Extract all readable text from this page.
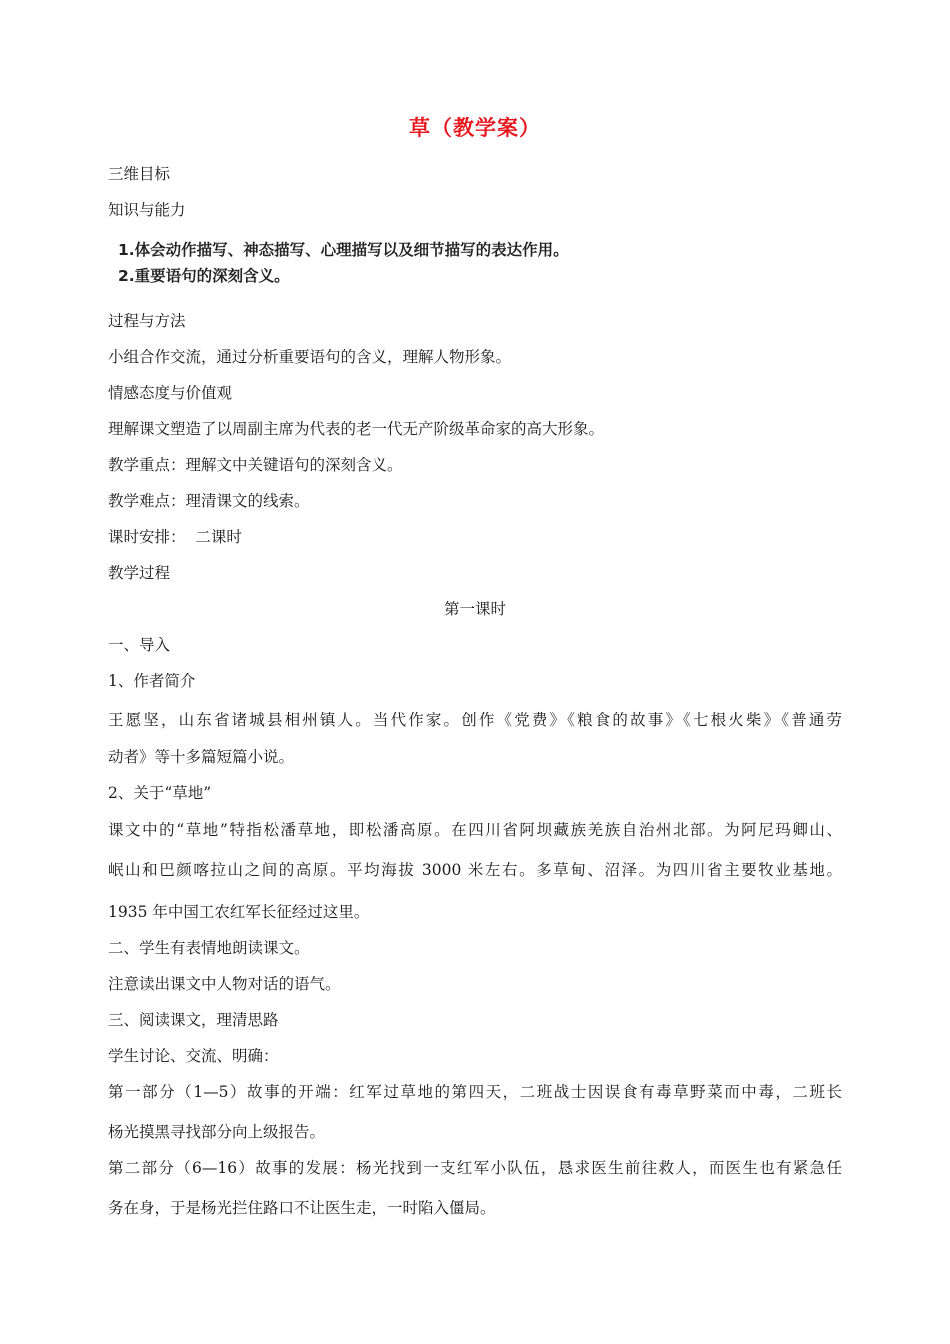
草（教学案）
三维目标
知识与能力
1.体会动作描写、神态描写、心理描写以及细节描写的表达作用。
2.重要语句的深刻含义。
过程与方法
小组合作交流，通过分析重要语句的含义，理解人物形象。
情感态度与价值观
理解课文塑造了以周副主席为代表的老一代无产阶级革命家的高大形象。
教学重点：理解文中关键语句的深刻含义。
教学难点：理清课文的线索。
课时安排：  二课时
教学过程
第一课时
一、导入
1、作者简介
王愿坚，山东省诸城县相州镇人。当代作家。创作《党费》《粮食的故事》《七根火柴》《普通劳
动者》等十多篇短篇小说。
2、关于“草地”
课文中的“草地”特指松潘草地，即松潘高原。在四川省阿坝藏族羌族自治州北部。为阿尼玛卿山、
岷山和巴颜喀拉山之间的高原。平均海拔 3000 米左右。多草甸、沼泽。为四川省主要牧业基地。
1935 年中国工农红军长征经过这里。
二、学生有表情地朗读课文。
注意读出课文中人物对话的语气。
三、阅读课文，理清思路
学生讨论、交流、明确：
第一部分（1—5）故事的开端：红军过草地的第四天，二班战士因误食有毒草野菜而中毒，二班长
杨光摸黑寻找部分向上级报告。
第二部分（6—16）故事的发展：杨光找到一支红军小队伍，恳求医生前往救人，而医生也有紧急任
务在身，于是杨光拦住路口不让医生走，一时陷入僵局。
